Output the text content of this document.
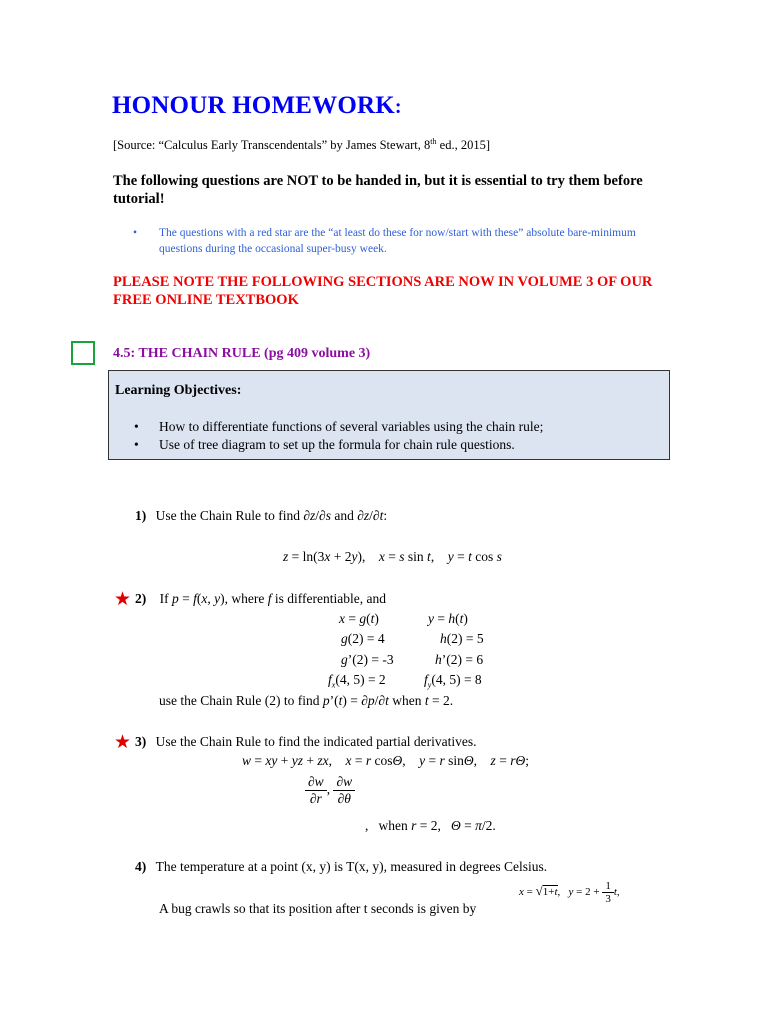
HONOUR HOMEWORK:
[Source: “Calculus Early Transcendentals” by James Stewart, 8th ed., 2015]
The following questions are NOT to be handed in, but it is essential to try them before tutorial!
• The questions with a red star are the “at least do these for now/start with these” absolute bare-minimum questions during the occasional super-busy week.
PLEASE NOTE THE FOLLOWING SECTIONS ARE NOW IN VOLUME 3 OF OUR FREE ONLINE TEXTBOOK
4.5: THE CHAIN RULE (pg 409 volume 3)
Learning Objectives:
• How to differentiate functions of several variables using the chain rule;
• Use of tree diagram to set up the formula for chain rule questions.
1) Use the Chain Rule to find ∂z/∂s and ∂z/∂t:
z = ln(3x + 2y),    x = s sin t,    y = t cos s
★ 2) If p = f(x, y), where f is differentiable, and
x = g(t)	y = h(t)
g(2) = 4	h(2) = 5
g’(2) = -3	h’(2) = 6
$f_x(4$, 5) = 2	$f_y(4$, 5) = 8
use the Chain Rule (2) to find p’(t) = ∂p/∂t when t = 2.
★ 3) Use the Chain Rule to find the indicated partial derivatives.
w = xy + yz + zx,    x = r cosΘ,    y = r sinΘ,    z = rΘ;
$\frac{\partial w}{\partial r}$ , $\frac{\partial w}{\partial\theta}$
,   when r = 2,   Θ = π/2.
4) The temperature at a point (x, y) is T(x, y), measured in degrees Celsius.
A bug crawls so that its position after t seconds is given by
x = √1+t,   $y = 2 + \frac{1}{3} t$,
